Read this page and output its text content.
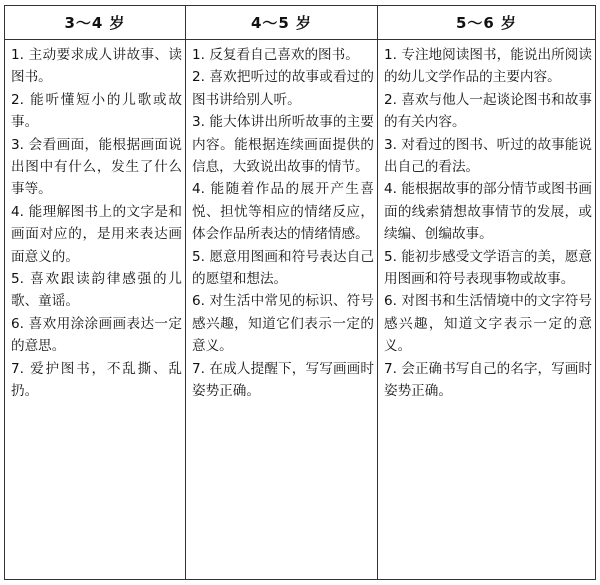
3～4 岁	4～5 岁	5～6 岁

1. 主动要求成人讲故事、读图书。

2. 能听懂短小的儿歌或故事。

3. 会看画面，能根据画面说出图中有什么，发生了什么事等。

4. 能理解图书上的文字是和画面对应的，是用来表达画面意义的。

5. 喜欢跟读韵律感强的儿歌、童谣。

6. 喜欢用涂涂画画表达一定的意思。

7. 爱护图书，不乱撕、乱扔。

1. 反复看自己喜欢的图书。

2. 喜欢把听过的故事或看过的图书讲给别人听。

3. 能大体讲出所听故事的主要内容。能根据连续画面提供的信息，大致说出故事的情节。

4. 能随着作品的展开产生喜悦、担忧等相应的情绪反应，体会作品所表达的情绪情感。

5. 愿意用图画和符号表达自己的愿望和想法。

6. 对生活中常见的标识、符号感兴趣，知道它们表示一定的意义。

7. 在成人提醒下，写写画画时姿势正确。

1. 专注地阅读图书，能说出所阅读的幼儿文学作品的主要内容。

2. 喜欢与他人一起谈论图书和故事的有关内容。

3. 对看过的图书、听过的故事能说出自己的看法。

4. 能根据故事的部分情节或图书画面的线索猜想故事情节的发展，或续编、创编故事。

5. 能初步感受文学语言的美，愿意用图画和符号表现事物或故事。

6. 对图书和生活情境中的文字符号感兴趣，知道文字表示一定的意义。

7. 会正确书写自己的名字，写画时姿势正确。
